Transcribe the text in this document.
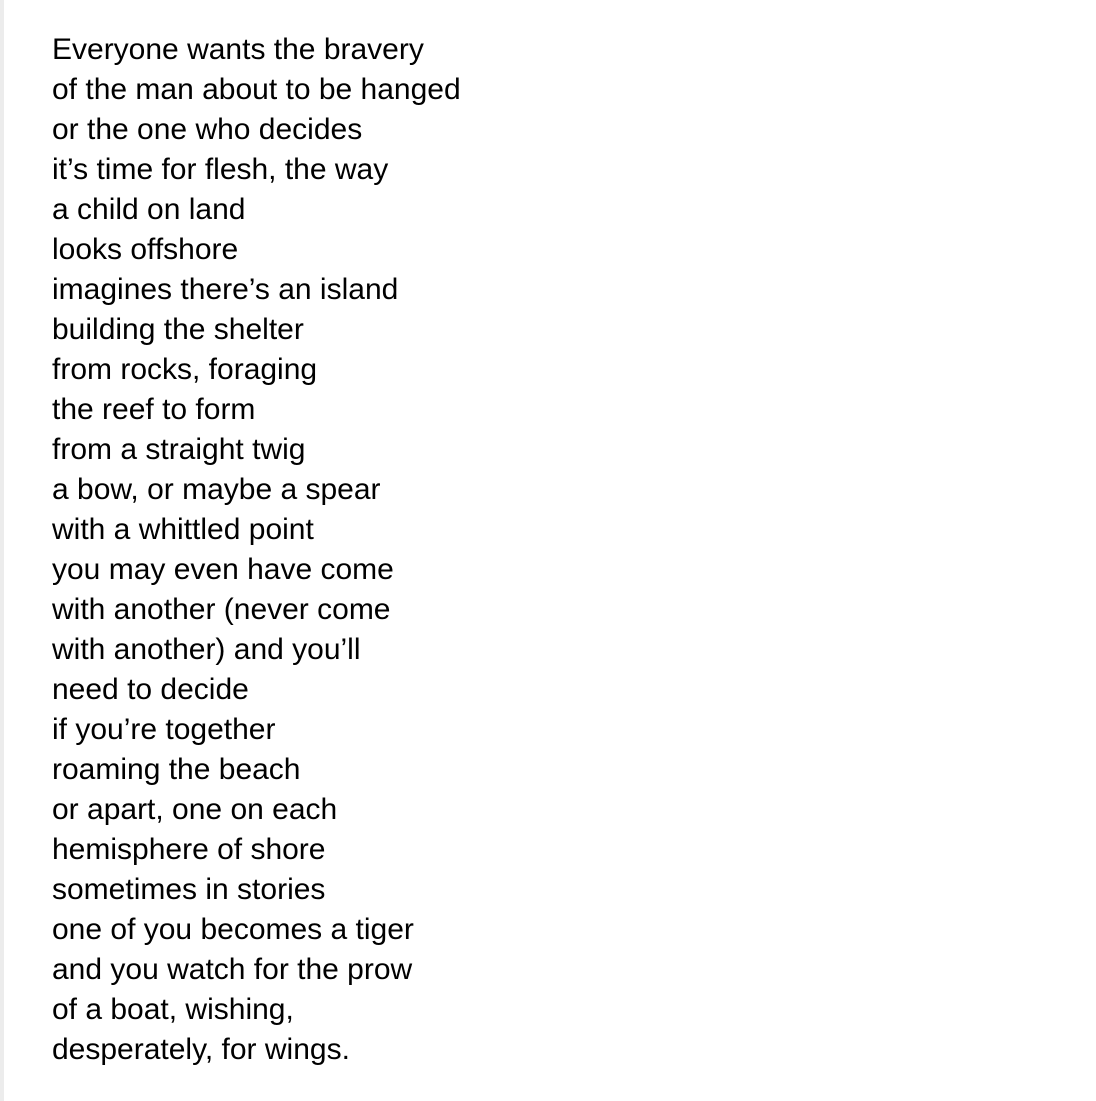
Everyone wants the bravery
of the man about to be hanged
or the one who decides
it’s time for flesh, the way
a child on land
looks offshore
imagines there’s an island
building the shelter
from rocks, foraging
the reef to form
from a straight twig
a bow, or maybe a spear
with a whittled point
you may even have come
with another (never come
with another) and you’ll
need to decide
if you’re together
roaming the beach
or apart, one on each
hemisphere of shore
sometimes in stories
one of you becomes a tiger
and you watch for the prow
of a boat, wishing,
desperately, for wings.
